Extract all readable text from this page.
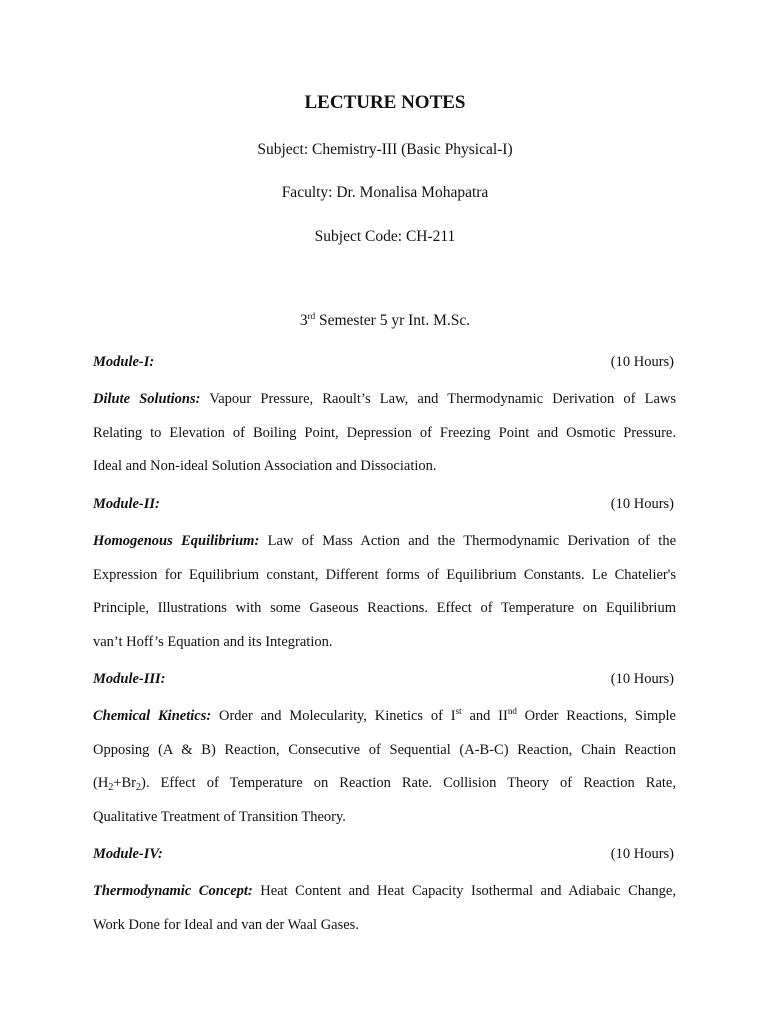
LECTURE NOTES
Subject: Chemistry-III (Basic Physical-I)
Faculty: Dr. Monalisa Mohapatra
Subject Code: CH-211
3rd Semester 5 yr Int. M.Sc.
Module-I:	(10 Hours)
Dilute Solutions: Vapour Pressure, Raoult’s Law, and Thermodynamic Derivation of Laws
Relating to Elevation of Boiling Point, Depression of Freezing Point and Osmotic Pressure.
Ideal and Non-ideal Solution Association and Dissociation.
Module-II:	(10 Hours)
Homogenous Equilibrium: Law of Mass Action and the Thermodynamic Derivation of the
Expression for Equilibrium constant, Different forms of Equilibrium Constants. Le Chatelier's
Principle, Illustrations with some Gaseous Reactions. Effect of Temperature on Equilibrium
van’t Hoff’s Equation and its Integration.
Module-III:	(10 Hours)
Chemical Kinetics: Order and Molecularity, Kinetics of Ist and IInd Order Reactions, Simple
Opposing (A & B) Reaction, Consecutive of Sequential (A-B-C) Reaction, Chain Reaction
$(H_2+Br_2)$. Effect of Temperature on Reaction Rate. Collision Theory of Reaction Rate,
Qualitative Treatment of Transition Theory.
Module-IV:	(10 Hours)
Thermodynamic Concept: Heat Content and Heat Capacity Isothermal and Adiabaic Change,
Work Done for Ideal and van der Waal Gases.
